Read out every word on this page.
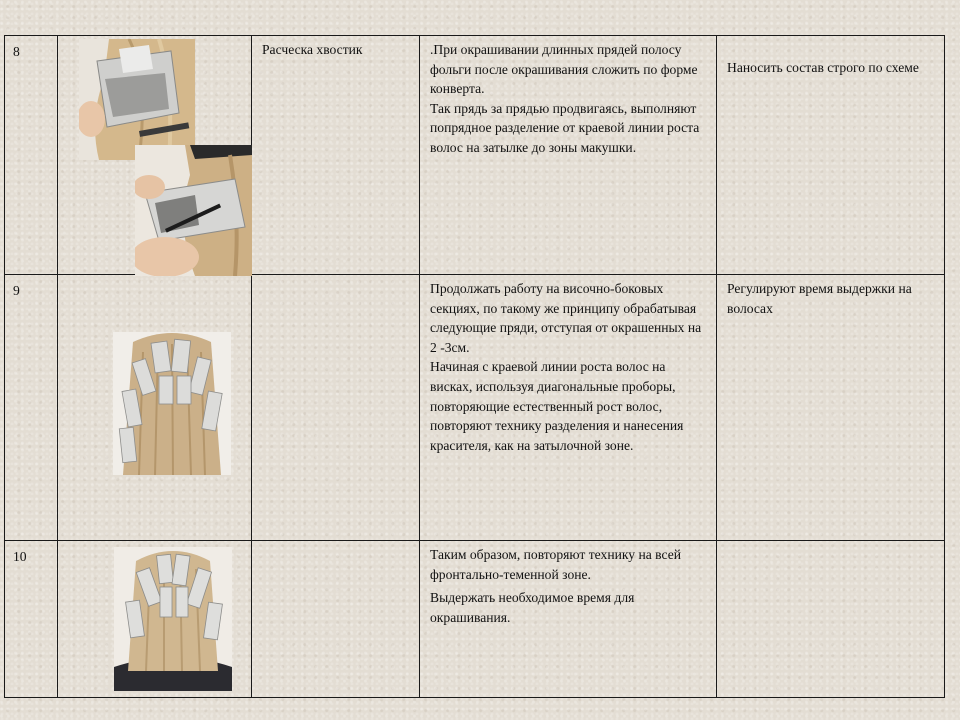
8		Расческа хвостик	.При окрашивании длинных прядей полосу фольги после окрашивания сложить по форме конверта.

Так прядь за прядью продвигаясь, выполняют попрядное разделение от краевой линии роста волос на затылке до зоны макушки.	Наносить состав строго по схеме
9			Продолжать работу на височно-боковых секциях, по такому же принципу обрабатывая следующие пряди, отступая от окрашенных на 2 -3см.

Начиная с краевой линии роста волос на висках, используя диагональные проборы, повторяющие естественный рост волос, повторяют технику разделения и нанесения красителя, как на затылочной зоне.	Регулируют время выдержки на волосах
10			Таким образом, повторяют технику на всей фронтально-теменной зоне.

Выдержать необходимое время для окрашивания.	
